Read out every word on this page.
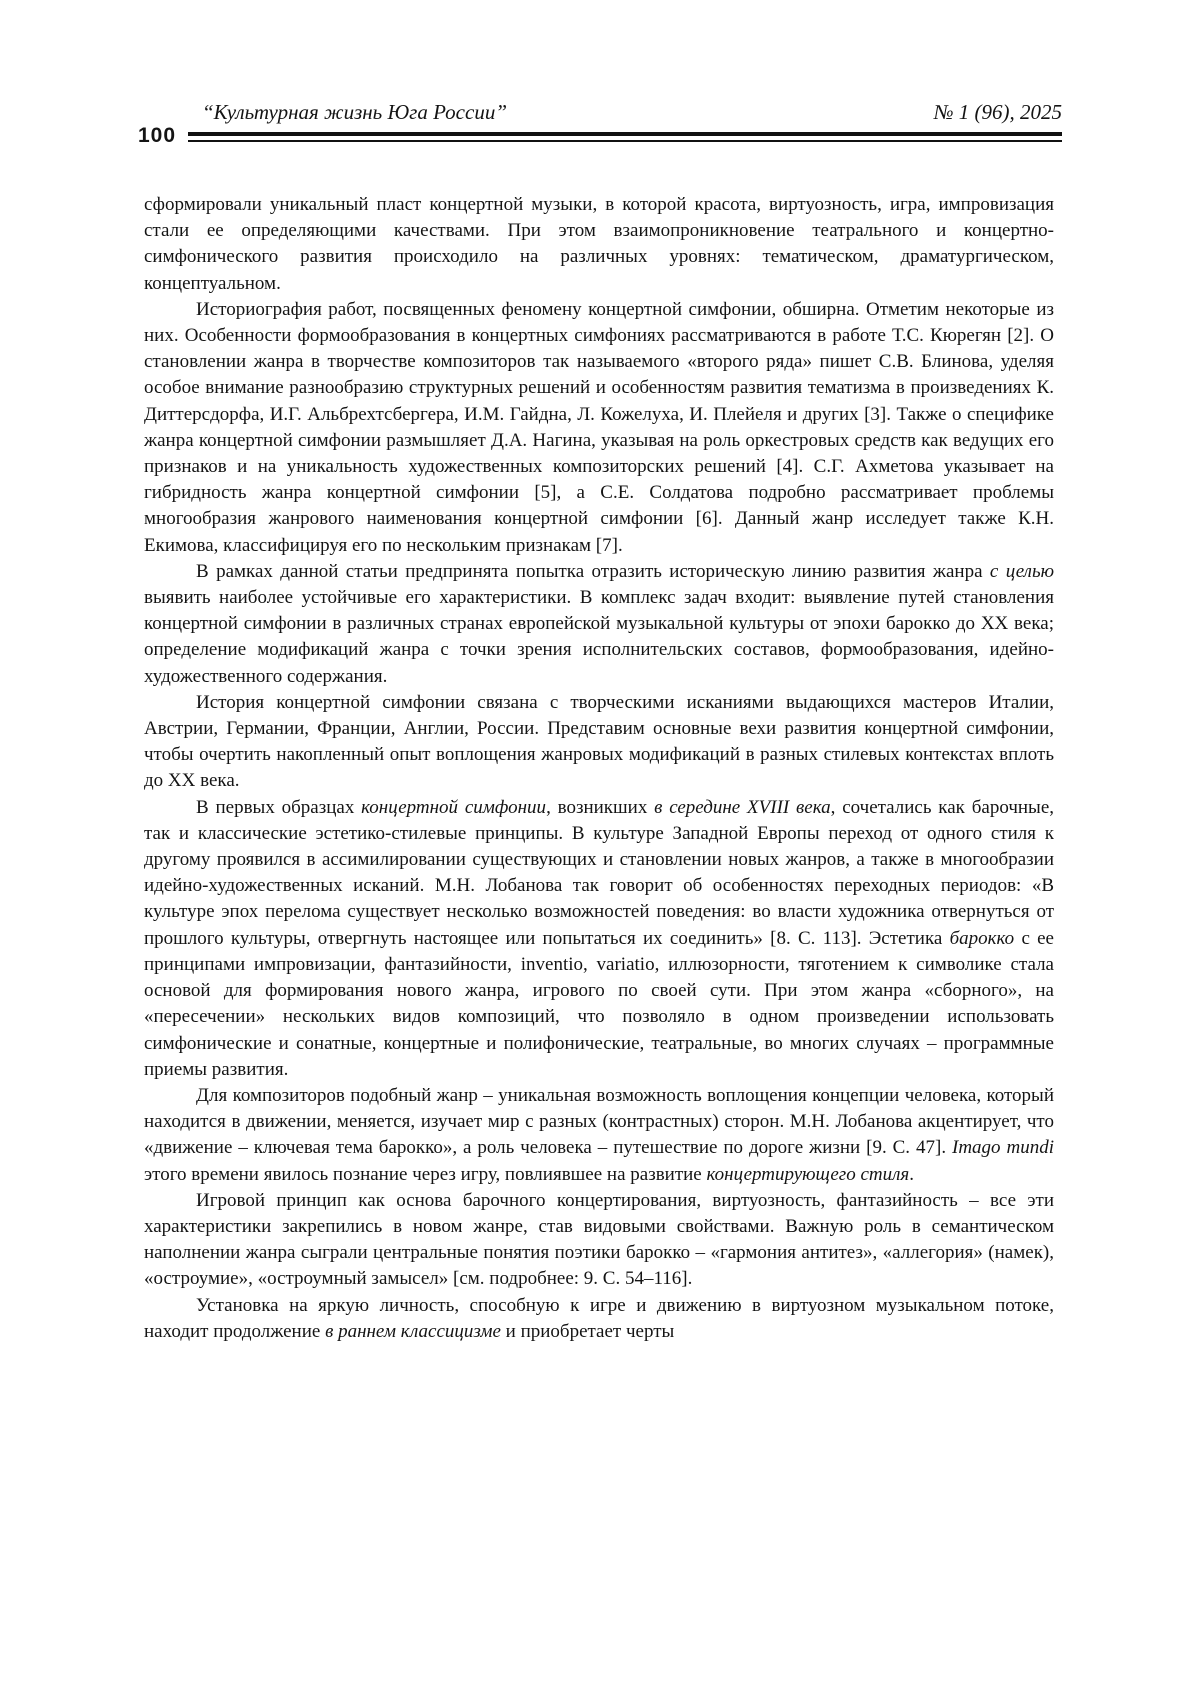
100
“Культурная жизнь Юга России”	№ 1 (96), 2025

сформировали уникальный пласт концертной музыки, в которой красота, виртуозность, игра, импровизация стали ее определяющими качествами. При этом взаимопроникновение театрального и концертно-симфонического развития происходило на различных уровнях: тематическом, драматургическом, концептуальном.

Историография работ, посвященных феномену концертной симфонии, обширна. Отметим некоторые из них. Особенности формообразования в концертных симфониях рассматриваются в работе Т.С. Кюрегян [2]. О становлении жанра в творчестве композиторов так называемого «второго ряда» пишет С.В. Блинова, уделяя особое внимание разнообразию структурных решений и особенностям развития тематизма в произведениях К. Диттерсдорфа, И.Г. Альбрехтсбергера, И.М. Гайдна, Л. Кожелуха, И. Плейеля и других [3]. Также о специфике жанра концертной симфонии размышляет Д.А. Нагина, указывая на роль оркестровых средств как ведущих его признаков и на уникальность художественных композиторских решений [4]. С.Г. Ахметова указывает на гибридность жанра концертной симфонии [5], а С.Е. Солдатова подробно рассматривает проблемы многообразия жанрового наименования концертной симфонии [6]. Данный жанр исследует также К.Н. Екимова, классифицируя его по нескольким признакам [7].

В рамках данной статьи предпринята попытка отразить историческую линию развития жанра с целью выявить наиболее устойчивые его характеристики. В комплекс задач входит: выявление путей становления концертной симфонии в различных странах европейской музыкальной культуры от эпохи барокко до XX века; определение модификаций жанра с точки зрения исполнительских составов, формообразования, идейно-художественного содержания.

История концертной симфонии связана с творческими исканиями выдающихся мастеров Италии, Австрии, Германии, Франции, Англии, России. Представим основные вехи развития концертной симфонии, чтобы очертить накопленный опыт воплощения жанровых модификаций в разных стилевых контекстах вплоть до XX века.

В первых образцах концертной симфонии, возникших в середине XVIII века, сочетались как барочные, так и классические эстетико-стилевые принципы. В культуре Западной Европы переход от одного стиля к другому проявился в ассимилировании существующих и становлении новых жанров, а также в многообразии идейно-художественных исканий. М.Н. Лобанова так говорит об особенностях переходных периодов: «В культуре эпох перелома существует несколько возможностей поведения: во власти художника отвернуться от прошлого культуры, отвергнуть настоящее или попытаться их соединить» [8. С. 113]. Эстетика барокко с ее принципами импровизации, фантазийности, inventio, variatio, иллюзорности, тяготением к символике стала основой для формирования нового жанра, игрового по своей сути. При этом жанра «сборного», на «пересечении» нескольких видов композиций, что позволяло в одном произведении использовать симфонические и сонатные, концертные и полифонические, театральные, во многих случаях – программные приемы развития.

Для композиторов подобный жанр – уникальная возможность воплощения концепции человека, который находится в движении, меняется, изучает мир с разных (контрастных) сторон. М.Н. Лобанова акцентирует, что «движение – ключевая тема барокко», а роль человека – путешествие по дороге жизни [9. С. 47]. Imago mundi этого времени явилось познание через игру, повлиявшее на развитие концертирующего стиля.

Игровой принцип как основа барочного концертирования, виртуозность, фантазийность – все эти характеристики закрепились в новом жанре, став видовыми свойствами. Важную роль в семантическом наполнении жанра сыграли центральные понятия поэтики барокко – «гармония антитез», «аллегория» (намек), «остроумие», «остроумный замысел» [см. подробнее: 9. С. 54–116].

Установка на яркую личность, способную к игре и движению в виртуозном музыкальном потоке, находит продолжение в раннем классицизме и приобретает черты
